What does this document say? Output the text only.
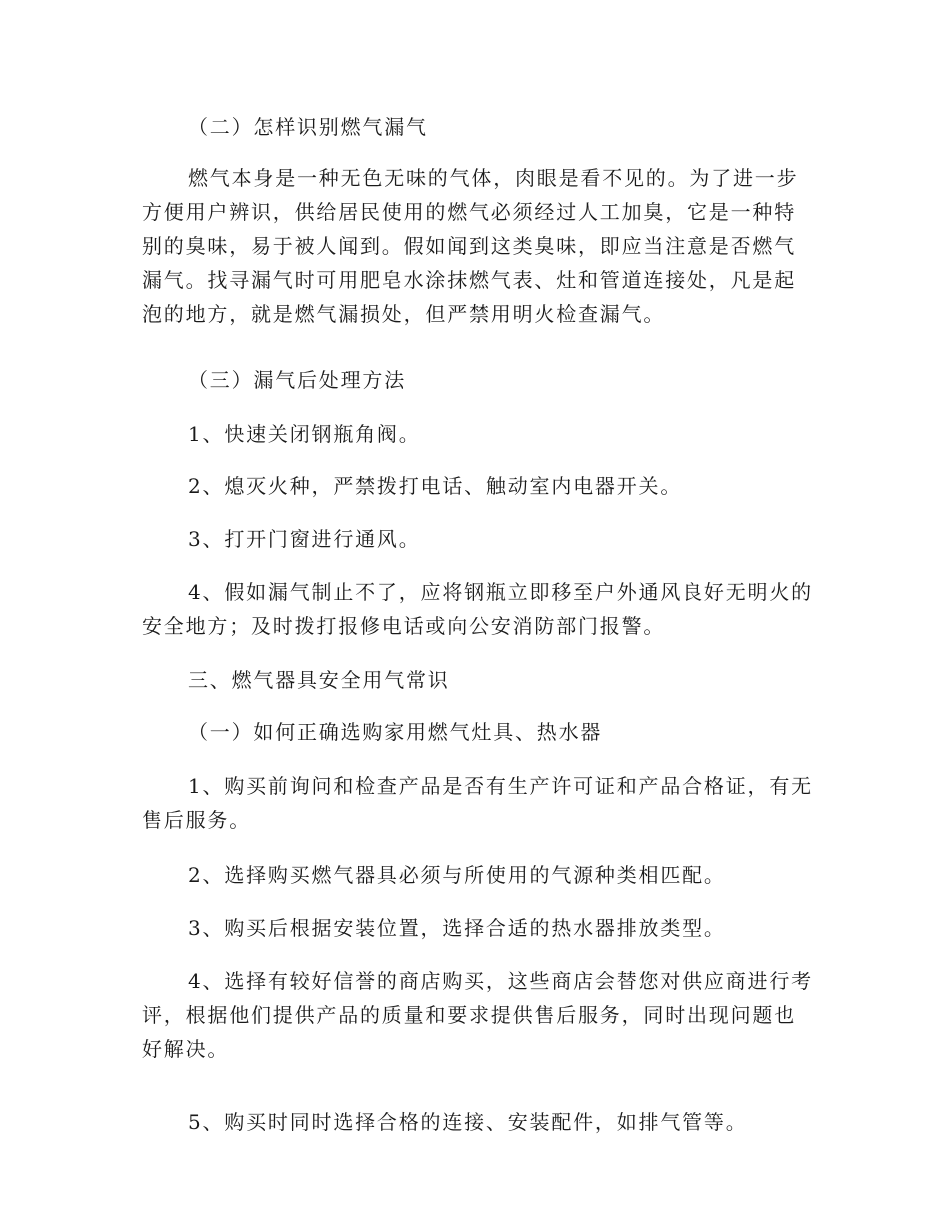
（二）怎样识别燃气漏气
燃气本身是一种无色无味的气体，肉眼是看不见的。为了进一步方便用户辨识，供给居民使用的燃气必须经过人工加臭，它是一种特别的臭味，易于被人闻到。假如闻到这类臭味，即应当注意是否燃气漏气。找寻漏气时可用肥皂水涂抹燃气表、灶和管道连接处，凡是起泡的地方，就是燃气漏损处，但严禁用明火检查漏气。
（三）漏气后处理方法
1、快速关闭钢瓶角阀。
2、熄灭火种，严禁拨打电话、触动室内电器开关。
3、打开门窗进行通风。
4、假如漏气制止不了，应将钢瓶立即移至户外通风良好无明火的安全地方；及时拨打报修电话或向公安消防部门报警。
三、燃气器具安全用气常识
（一）如何正确选购家用燃气灶具、热水器
1、购买前询问和检查产品是否有生产许可证和产品合格证，有无售后服务。
2、选择购买燃气器具必须与所使用的气源种类相匹配。
3、购买后根据安装位置，选择合适的热水器排放类型。
4、选择有较好信誉的商店购买，这些商店会替您对供应商进行考评，根据他们提供产品的质量和要求提供售后服务，同时出现问题也好解决。
5、购买时同时选择合格的连接、安装配件，如排气管等。
